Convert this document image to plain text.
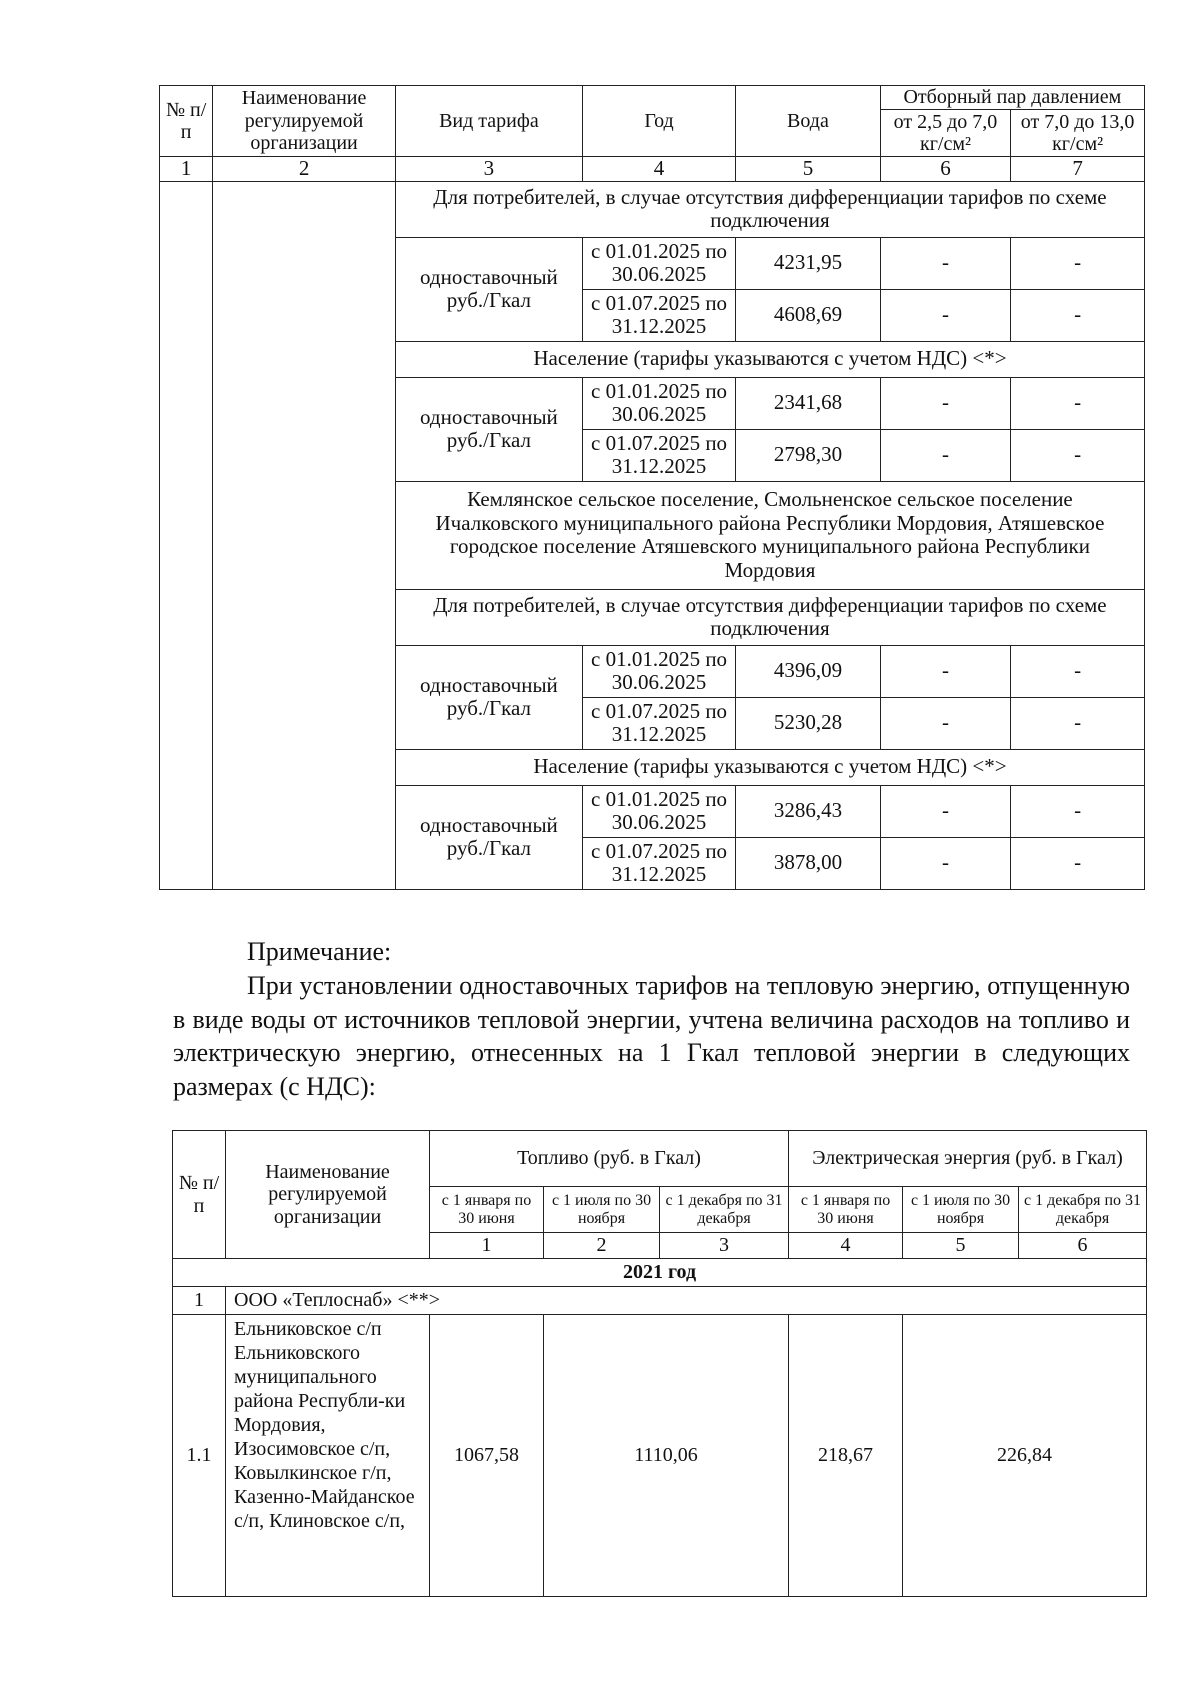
№ п/п	Наименование регулируемой организации	Вид тарифа	Год	Вода	Отборный пар давлением	
					от 2,5 до 7,0 кг/см²	от 7,0 до 13,0 кг/см²
1	2	3	4	5	6	7
		Для потребителей, в случае отсутствия дифференциации тарифов по схеме подключения				
		одноставочный руб./Гкал	с 01.01.2025 по 30.06.2025	4231,95	-	-
			с 01.07.2025 по 31.12.2025	4608,69	-	-
		Население (тарифы указываются с учетом НДС) <*>				
		одноставочный руб./Гкал	с 01.01.2025 по 30.06.2025	2341,68	-	-
			с 01.07.2025 по 31.12.2025	2798,30	-	-
		Кемлянское сельское поселение, Смольненское сельское поселение Ичалковского муниципального района Республики Мордовия, Атяшевское городское поселение Атяшевского муниципального района Республики Мордовия				
		Для потребителей, в случае отсутствия дифференциации тарифов по схеме подключения				
		одноставочный руб./Гкал	с 01.01.2025 по 30.06.2025	4396,09	-	-
			с 01.07.2025 по 31.12.2025	5230,28	-	-
		Население (тарифы указываются с учетом НДС) <*>				
		одноставочный руб./Гкал	с 01.01.2025 по 30.06.2025	3286,43	-	-
			с 01.07.2025 по 31.12.2025	3878,00	-	-

Примечание:

При установлении одноставочных тарифов на тепловую энергию, отпущенную в виде воды от источников тепловой энергии, учтена величина расходов на топливо и электрическую энергию, отнесенных на 1 Гкал тепловой энергии в следующих размерах (с НДС):

№ п/п	Наименование регулируемой организации	Топливо (руб. в Гкал)			Электрическая энергия (руб. в Гкал)			
		с 1 января по 30 июня	с 1 июля по 30 ноября	с 1 декабря по 31 декабря	с 1 января по 30 июня	с 1 июля по 30 ноября	с 1 декабря по 31 декабря	
		1	2	3	4	5	6		
2021 год								
1	ООО «Теплоснаб» <**>							
1.1	Ельниковское с/п Ельниковского муниципального района Республи-ки Мордовия, Изосимовское с/п, Ковылкинское г/п, Казенно-Майданское с/п, Клиновское с/п,	1067,58	1110,06		218,67	226,84		
